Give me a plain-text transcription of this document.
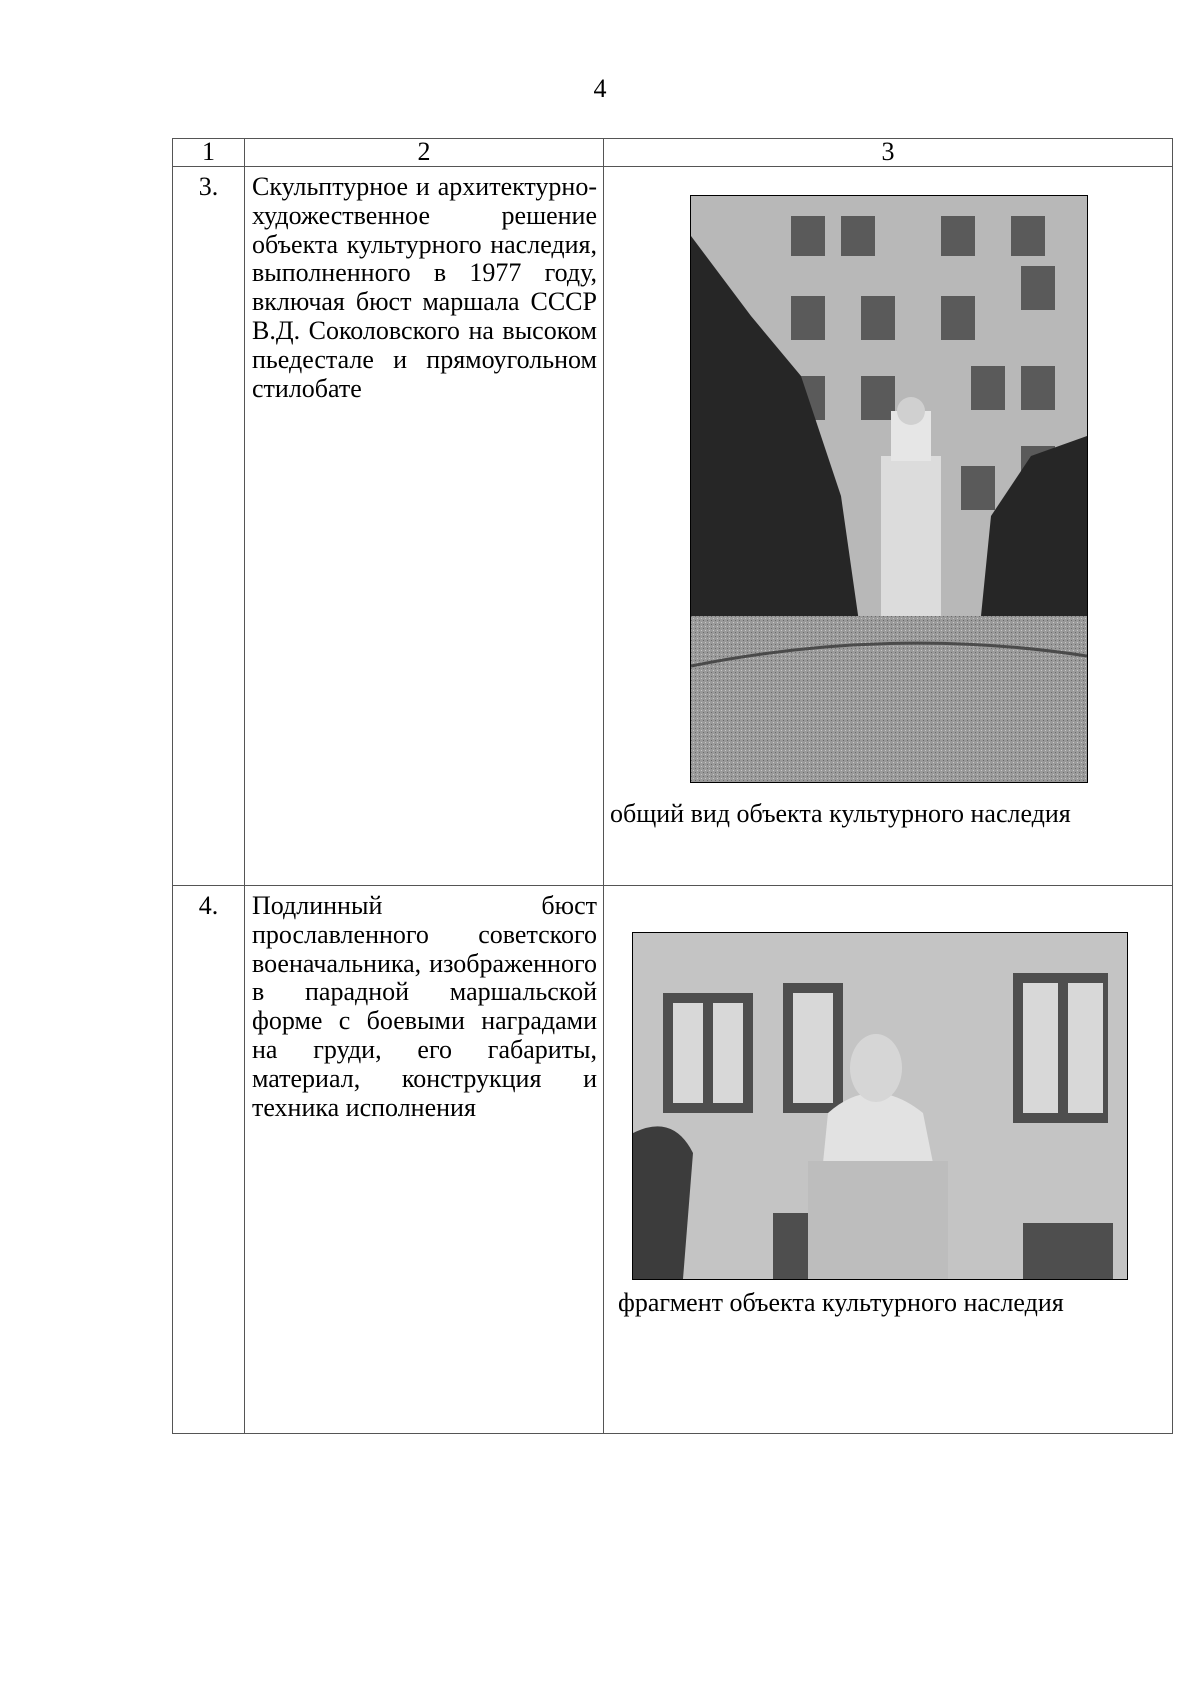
4
1	2	3
3.	Скульптурное и архитектурно-художественное решение объекта культурного наследия, выполненного в 1977 году, включая бюст маршала СССР В.Д. Соколовского на высоком пьедестале и прямоугольном стилобате	общий вид объекта культурного наследия

4.	Подлинный бюст прославленного советского военачальника, изображенного в парадной маршальской форме с боевыми наградами на груди, его габариты, материал, конструкция и техника исполнения	фрагмент объекта культурного наследия
